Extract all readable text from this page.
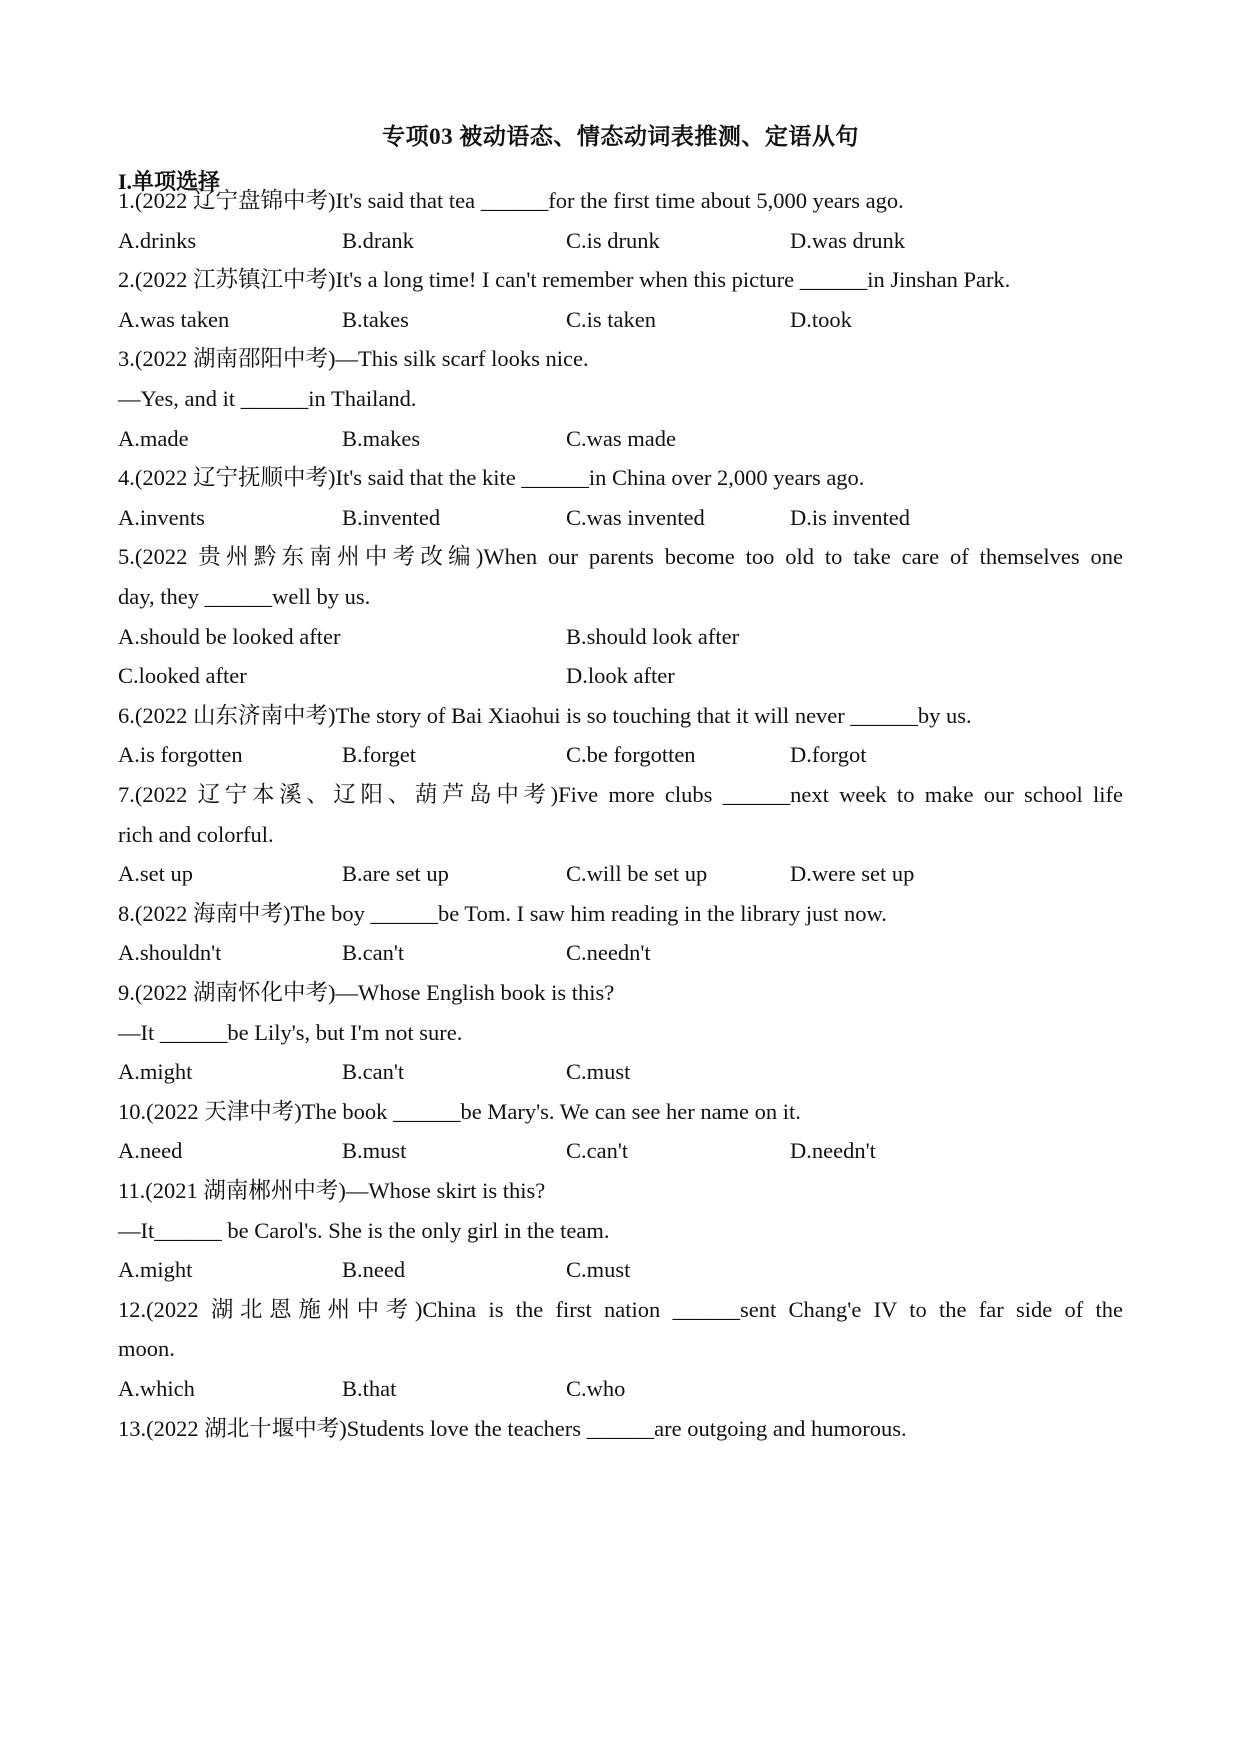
专项03 被动语态、情态动词表推测、定语从句
I.单项选择
1.(2022 辽宁盘锦中考)It's said that tea ______for the first time about 5,000 years ago.
A.drinks	B.drank	C.is drunk	D.was drunk
2.(2022 江苏镇江中考)It's a long time! I can't remember when this picture ______in Jinshan Park.
A.was taken	B.takes	C.is taken	D.took
3.(2022 湖南邵阳中考)—This silk scarf looks nice.
—Yes, and it ______in Thailand.
A.made	B.makes	C.was made
4.(2022 辽宁抚顺中考)It's said that the kite ______in China over 2,000 years ago.
A.invents	B.invented	C.was invented	D.is invented
5.(2022 贵州黔东南州中考改编)When our parents become too old to take care of themselves one
day, they ______well by us.
A.should be looked after	B.should look after
C.looked after	D.look after
6.(2022 山东济南中考)The story of Bai Xiaohui is so touching that it will never ______by us.
A.is forgotten	B.forget	C.be forgotten	D.forgot
7.(2022 辽宁本溪、辽阳、葫芦岛中考)Five more clubs ______next week to make our school life
rich and colorful.
A.set up	B.are set up	C.will be set up	D.were set up
8.(2022 海南中考)The boy ______be Tom. I saw him reading in the library just now.
A.shouldn't	B.can't	C.needn't
9.(2022 湖南怀化中考)—Whose English book is this?
—It ______be Lily's, but I'm not sure.
A.might	B.can't	C.must
10.(2022 天津中考)The book ______be Mary's. We can see her name on it.
A.need	B.must	C.can't	D.needn't
11.(2021 湖南郴州中考)—Whose skirt is this?
—It______ be Carol's. She is the only girl in the team.
A.might	B.need	C.must
12.(2022 湖北恩施州中考)China is the first nation ______sent Chang'e IV to the far side of the
moon.
A.which	B.that	C.who
13.(2022 湖北十堰中考)Students love the teachers ______are outgoing and humorous.
